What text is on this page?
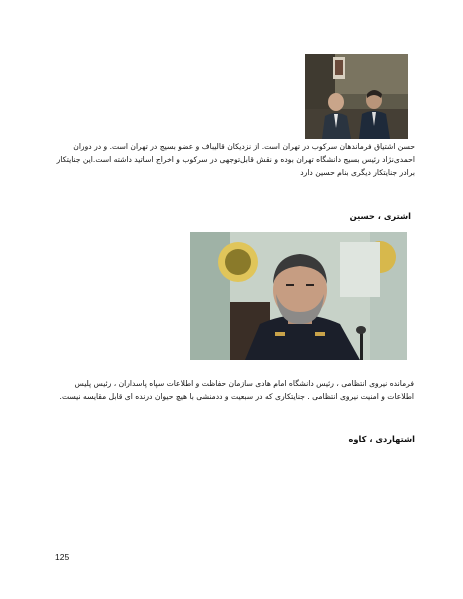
حسن اشتیاق فرماندهان سرکوب در تهران است. از نزدیکان قالیباف و عضو بسیج در تهران است. و در دوران احمدی‌نژاد رئیس بسیج دانشگاه تهران بوده و نقش قابل‌توجهی در سرکوب و اخراج اساتید داشته است.این جنایتکار برادر جنایتکار دیگری بنام حسین دارد

اشتری ، حسین

فرمانده نیروی انتظامی ، رئیس دانشگاه امام هادی سازمان حفاظت و اطلاعات سپاه پاسداران ، رئیس پلیس اطلاعات و امنیت نیروی انتظامی . جنایتکاری که در سبعیت و ددمنشی با هیچ حیوان درنده ای قابل مقایسه نیست.

اشتهاردی ، کاوه

125
